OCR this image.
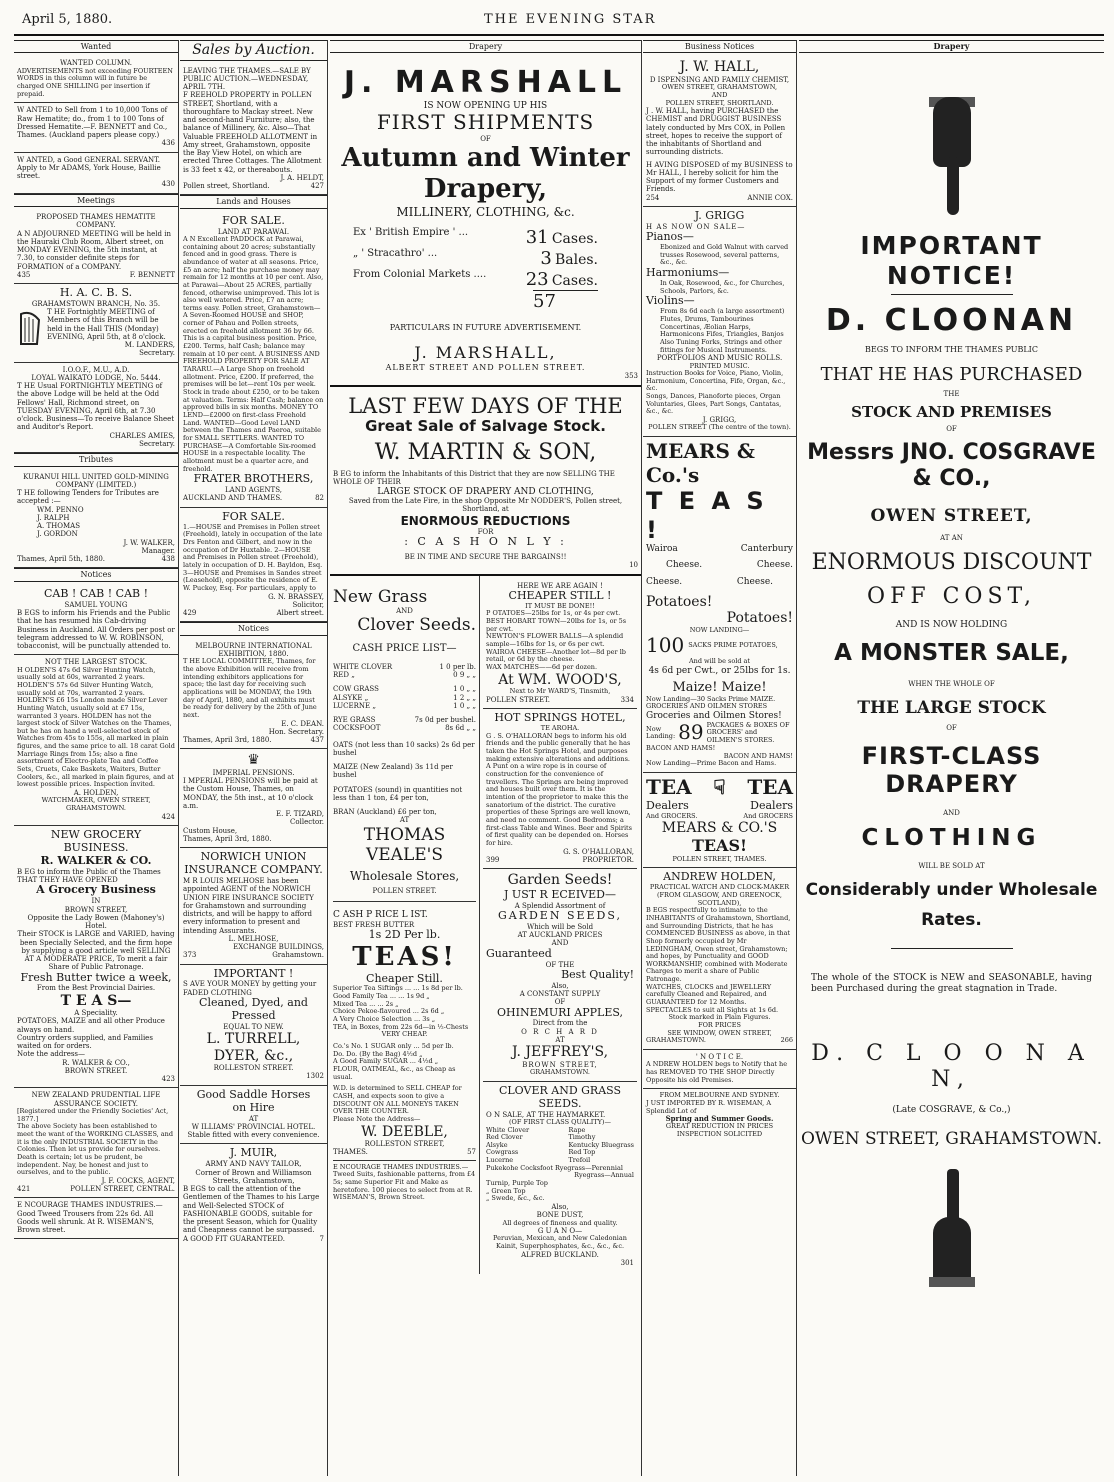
April 5, 1880.	THE EVENING STAR
Wanted

WANTED COLUMN.

ADVERTISEMENTS not exceeding FOURTEEN WORDS in this column will in future be charged ONE SHILLING per insertion if prepaid.

W ANTED to Sell from 1 to 10,000 Tons of Raw Hematite; do., from 1 to 100 Tons of Dressed Hematite.—F. BENNETT and Co., Thames. (Auckland papers please copy.)

436

W ANTED, a Good GENERAL SERVANT. Apply to Mr ADAMS, York House, Baillie street.

430

Meetings

PROPOSED THAMES HEMATITE COMPANY.

A N ADJOURNED MEETING will be held in the Hauraki Club Room, Albert street, on MONDAY EVENING, the 5th instant, at 7.30, to consider definite steps for FORMATION of a COMPANY.

435	F. BENNETT

H. A. C. B. S.

GRAHAMSTOWN BRANCH, No. 35.

T HE Fortnightly MEETING of Members of this Branch will be held in the Hall THIS (Monday) EVENING, April 5th, at 8 o'clock.

M. LANDERS,

Secretary.

I.O.O.F., M.U., A.D.

LOYAL WAIKATO LODGE, No. 5444.

T HE Usual FORTNIGHTLY MEETING of the above Lodge will be held at the Odd Fellows' Hall, Richmond street, on TUESDAY EVENING, April 6th, at 7.30 o'clock. Business—To receive Balance Sheet and Auditor's Report.

CHARLES AMIES,

Secretary.

Tributes

KURANUI HILL UNITED GOLD-MINING COMPANY (LIMITED.)

T HE following Tenders for Tributes are accepted :—

WM. PENNO

J. RALPH

A. THOMAS

J. GORDON

J. W. WALKER,

Manager.

Thames, April 5th, 1880.	438
Notices

CAB ! CAB ! CAB !

SAMUEL YOUNG

B EGS to inform his Friends and the Public that he has resumed his Cab-driving Business in Auckland. All Orders per post or telegram addressed to W. W. ROBINSON, tobacconist, will be punctually attended to.

NOT THE LARGEST STOCK.

H OLDEN'S 47s 6d Silver Hunting Watch, usually sold at 60s, warranted 2 years. HOLDEN'S 57s 6d Silver Hunting Watch, usually sold at 70s, warranted 2 years. HOLDEN'S £6 15s London made Silver Lever Hunting Watch, usually sold at £7 15s, warranted 3 years. HOLDEN has not the largest stock of Silver Watches on the Thames, but he has on hand a well-selected stock of Watches from 45s to 155s, all marked in plain figures, and the same price to all. 18 carat Gold Marriage Rings from 15s; also a fine assortment of Electro-plate Tea and Coffee Sets, Cruets, Cake Baskets, Waiters, Butter Coolers, &c., all marked in plain figures, and at lowest possible prices. Inspection invited.

A. HOLDEN,

WATCHMAKER, OWEN STREET, GRAHAMSTOWN.

424

NEW GROCERY BUSINESS.

R. WALKER & CO.

B EG to inform the Public of the Thames THAT THEY HAVE OPENED

A Grocery Business

IN

BROWN STREET,

Opposite the Lady Bowen (Mahoney's) Hotel.

Their STOCK is LARGE and VARIED, having been Specially Selected, and the firm hope by supplying a good article well SELLING AT A MODERATE PRICE, To merit a fair Share of Public Patronage.

Fresh Butter twice a week,

From the Best Provincial Dairies.

T E A S—

A Speciality.

POTATOES, MAIZE and all other Produce always on hand.

Country orders supplied, and Families waited on for orders.

Note the address—

R. WALKER & CO.,

BROWN STREET.

423

NEW ZEALAND PRUDENTIAL LIFE ASSURANCE SOCIETY.

[Registered under the Friendly Societies' Act, 1877.]

The above Society has been established to meet the want of the WORKING CLASSES, and it is the only INDUSTRIAL SOCIETY in the Colonies. Then let us provide for ourselves. Death is certain; let us be prudent, be independent. Nay, be honest and just to ourselves, and to the public.

J. F. COCKS, AGENT,

421	POLLEN STREET, CENTRAL.

E NCOURAGE THAMES INDUSTRIES.—Good Tweed Trousers from 22s 6d. All Goods well shrunk. At R. WISEMAN'S, Brown street.

Sales by Auction.

LEAVING THE THAMES.—SALE BY PUBLIC AUCTION.—WEDNESDAY, APRIL 7TH.

F REEHOLD PROPERTY in POLLEN STREET, Shortland, with a thoroughfare to Mackay street. New and second-hand Furniture; also, the balance of Millinery, &c. Also—That Valuable FREEHOLD ALLOTMENT in Amy street, Grahamstown, opposite the Bay View Hotel, on which are erected Three Cottages. The Allotment is 33 feet x 42, or thereabouts.

J. A. HELDT,

Pollen street, Shortland.	427
Lands and Houses

FOR SALE.

LAND AT PARAWAI.

A N Excellent PADDOCK at Parawai, containing about 20 acres; substantially fenced and in good grass. There is abundance of water at all seasons. Price, £5 an acre; half the purchase money may remain for 12 months at 10 per cent. Also, at Parawai—About 25 ACRES, partially fenced, otherwise unimproved. This lot is also well watered. Price, £7 an acre; terms easy. Pollen street, Grahamstown—A Seven-Roomed HOUSE and SHOP, corner of Pahau and Pollen streets, erected on freehold allotment 36 by 66. This is a capital business position. Price, £200. Terms, half Cash; balance may remain at 10 per cent. A BUSINESS AND FREEHOLD PROPERTY FOR SALE AT TARARU.—A Large Shop on freehold allotment. Price, £200. If preferred, the premises will be let—rent 10s per week. Stock in trade about £250, or to be taken at valuation. Terms: Half Cash; balance on approved bills in six months. MONEY TO LEND—£2000 on first-class Freehold Land. WANTED—Good Level LAND between the Thames and Paeroa, suitable for SMALL SETTLERS. WANTED TO PURCHASE—A Comfortable Six-roomed HOUSE in a respectable locality. The allotment must be a quarter acre, and freehold.

FRATER BROTHERS,

LAND AGENTS,

AUCKLAND AND THAMES.	82

FOR SALE.

1.—HOUSE and Premises in Pollen street (Freehold), lately in occupation of the late Drs Fenton and Gilbert, and now in the occupation of Dr Huxtable. 2—HOUSE and Premises in Pollen street (Freehold), lately in occupation of D. H. Bayldon, Esq. 3—HOUSE and Premises in Sandes street (Leasehold), opposite the residence of E. W. Puckey, Esq. For particulars, apply to

G. N. BRASSEY,

Solicitor,

429	Albert street.
Notices

MELBOURNE INTERNATIONAL EXHIBITION, 1880.

T HE LOCAL COMMITTEE, Thames, for the above Exhibition will receive from intending exhibitors applications for space; the last day for receiving such applications will be MONDAY, the 19th day of April, 1880, and all exhibits must be ready for delivery by the 25th of June next.

E. C. DEAN.

Hon. Secretary.

Thames, April 3rd, 1880.	437

♛

IMPERIAL PENSIONS.

I MPERIAL PENSIONS will be paid at the Custom House, Thames, on MONDAY, the 5th inst., at 10 o'clock a.m.

E. F. TIZARD,

Collector.

Custom House,

Thames, April 3rd, 1880.

NORWICH UNION INSURANCE COMPANY.

M R LOUIS MELHOSE has been appointed AGENT of the NORWICH UNION FIRE INSURANCE SOCIETY for Grahamstown and surrounding districts, and will be happy to afford every information to present and intending Assurants.

L. MELHOSE,

EXCHANGE BUILDINGS,

373	Grahamstown.

IMPORTANT !

S AVE YOUR MONEY by getting your FADED CLOTHING

Cleaned, Dyed, and Pressed

EQUAL TO NEW.

L. TURRELL,

DYER, &c.,

ROLLESTON STREET.

1302

Good Saddle Horses

on Hire

AT

W ILLIAMS' PROVINCIAL HOTEL.

Stable fitted with every convenience.

J. MUIR,

ARMY AND NAVY TAILOR,

Corner of Brown and Williamson Streets, Grahamstown,

B EGS to call the attention of the Gentlemen of the Thames to his Large and Well-Selected STOCK of FASHIONABLE GOODS, suitable for the present Season, which for Quality and Cheapness cannot be surpassed.

A GOOD FIT GUARANTEED.	7
Drapery

J. MARSHALL

IS NOW OPENING UP HIS

FIRST SHIPMENTS

OF

Autumn and Winter Drapery,

MILLINERY, CLOTHING, &c.

Ex ' British Empire ' ...	31 Cases.
„ ' Stracathro' ...	3 Bales.
From Colonial Markets .... 23 Cases.
57

PARTICULARS IN FUTURE ADVERTISEMENT.

J. MARSHALL,

ALBERT STREET AND POLLEN STREET.

353

LAST FEW DAYS OF THE

Great Sale of Salvage Stock.

W. MARTIN & SON,

B EG to inform the Inhabitants of this District that they are now SELLING THE WHOLE OF THEIR

LARGE STOCK OF DRAPERY AND CLOTHING,

Saved from the Late Fire, in the shop Opposite Mr NODDER'S, Pollen street, Shortland, at

ENORMOUS REDUCTIONS

FOR

: C A S H O N L Y :

BE IN TIME AND SECURE THE BARGAINS!!

10

New Grass

AND

Clover Seeds.

CASH PRICE LIST—

WHITE CLOVER	1 0 per lb.
RED „	0 9 „ „
COW GRASS	1 0 „ „
ALSYKE „	1 2 „ „
LUCERNE „	1 0 „ „
RYE GRASS	7s 0d per bushel.
COCKSFOOT	8s 6d „ „

OATS (not less than 10 sacks) 2s 6d per bushel

MAIZE (New Zealand) 3s 11d per bushel

POTATOES (sound) in quantities not less than 1 ton, £4 per ton,

BRAN (Auckland) £6 per ton,

AT

THOMAS VEALE'S

Wholesale Stores,

POLLEN STREET.

C ASH P RICE L IST.

BEST FRESH BUTTER

1s 2D Per lb.

TEAS!

Cheaper Still.

Superior Tea Siftings ... ... 1s 8d per lb.

Good Family Tea ... ... 1s 9d „

Mixed Tea ... ... 2s „

Choice Pekoe-flavoured ... 2s 6d „

A Very Choice Selection ... 3s „

TEA, in Boxes, from 22s 6d—in ½-Chests

VERY CHEAP.

Co.'s No. 1 SUGAR only ... 5d per lb.

Do. Do. (By the Bag) 4½d „

A Good Family SUGAR ... 4½d „

FLOUR, OATMEAL, &c., as Cheap as usual.

W.D. is determined to SELL CHEAP for CASH, and expects soon to give a DISCOUNT ON ALL MONEYS TAKEN OVER THE COUNTER.

Please Note the Address—

W. DEEBLE,

ROLLESTON STREET,

THAMES.	57

E NCOURAGE THAMES INDUSTRIES.—Tweed Suits, fashionable patterns, from £4 5s; same Superior Fit and Make as heretofore. 100 pieces to select from at R. WISEMAN'S, Brown Street.

HERE WE ARE AGAIN !

CHEAPER STILL !

IT MUST BE DONE!!

P OTATOES—25lbs for 1s, or 4s per cwt.

BEST HOBART TOWN—20lbs for 1s, or 5s per cwt.

NEWTON'S FLOWER BALLS—A splendid sample—16lbs for 1s, or 6s per cwt.

WAIROA CHEESE—Another lot—8d per lb retail, or 6d by the cheese.

WAX MATCHES——6d per dozen.

At WM. WOOD'S,

Next to Mr WARD'S, Tinsmith,

POLLEN STREET.	334

HOT SPRINGS HOTEL,

TE AROHA.

G . S. O'HALLORAN begs to inform his old friends and the public generally that he has taken the Hot Springs Hotel, and purposes making extensive alterations and additions. A Punt on a wire rope is in course of construction for the convenience of travellers. The Springs are being improved and houses built over them. It is the intention of the proprietor to make this the sanatorium of the district. The curative properties of these Springs are well known, and need no comment. Good Bedrooms; a first-class Table and Wines. Beer and Spirits of first quality can be depended on. Horses for hire.

G. S. O'HALLORAN,

399	PROPRIETOR.

Garden Seeds!

J UST R ECEIVED—

A Splendid Assortment of

GARDEN SEEDS,

Which will be Sold

AT AUCKLAND PRICES

AND

Guaranteed

OF THE

Best Quality!

Also,

A CONSTANT SUPPLY

OF

OHINEMURI APPLES,

Direct from the

O R C H A R D

AT

J. JEFFREY'S,

BROWN STREET,

GRAHAMSTOWN.

CLOVER AND GRASS SEEDS.

O N SALE, AT THE HAYMARKET.

(OF FIRST CLASS QUALITY)—

White Clover

Red Clover

Alsyke

Cowgrass

Lucerne

Rape

Timothy

Kentucky Bluegrass

Red Top

Trefoil

Pukekohe Cocksfoot Ryegrass—Perennial

Ryegrass—Annual

Turnip, Purple Top

„ Green Top

„ Swede, &c., &c.

Also,

BONE DUST,

All degrees of fineness and quality.

G U A N O—

Peruvian, Mexican, and New Caledonian Kainit, Superphosphates, &c., &c., &c.

ALFRED BUCKLAND.

301

Business Notices

J. W. HALL,

D ISPENSING AND FAMILY CHEMIST,

OWEN STREET, GRAHAMSTOWN,

AND

POLLEN STREET, SHORTLAND.

J . W. HALL, having PURCHASED the CHEMIST and DRUGGIST BUSINESS lately conducted by Mrs COX, in Pollen street, hopes to receive the support of the inhabitants of Shortland and surrounding districts.

H AVING DISPOSED of my BUSINESS to Mr HALL, I hereby solicit for him the Support of my former Customers and Friends.

254	ANNIE COX.

J. GRIGG

H AS NOW ON SALE—

Pianos—

Ebonized and Gold Walnut with carved trusses Rosewood, several patterns, &c., &c.

Harmoniums—

In Oak, Rosewood, &c., for Churches, Schools, Parlors, &c.

Violins—

From 8s 6d each (a large assortment) Flutes, Drums, Tambourines Concertinas, Æolian Harps, Harmonicons Fifes, Triangles, Banjos Also Tuning Forks, Strings and other fittings for Musical Instruments.

PORTFOLIOS AND MUSIC ROLLS.

PRINTED MUSIC.

Instruction Books for Voice, Piano, Violin, Harmonium, Concertina, Fife, Organ, &c., &c.

Songs, Dances, Pianoforte pieces, Organ Voluntaries, Glees, Part Songs, Cantatas, &c., &c.

J. GRIGG,

POLLEN STREET (The centre of the town).

MEARS & Co.'s

T E A S !

Wairoa	Canterbury
Cheese.	Cheese.
Cheese.	Cheese.

Potatoes!

Potatoes!

NOW LANDING—

100 SACKS PRIME POTATOES,

And will be sold at

4s 6d per Cwt., or 25lbs for 1s.

Maize! Maize!

Now Landing—30 Sacks Prime MAIZE.

GROCERIES AND OILMEN STORES

Groceries and Oilmen Stores!

Now Landing: 89 PACKAGES & BOXES OF GROCERS' and OILMEN'S STORES.

BACON AND HAMS!

BACON AND HAMS!

Now Landing—Prime Bacon and Hams.

TEA ☟ TEA
Dealers	Dealers
And GROCERS.	And GROCERS

MEARS & CO.'S

TEAS!

POLLEN STREET, THAMES.

ANDREW HOLDEN,

PRACTICAL WATCH AND CLOCK-MAKER

(FROM GLASGOW, AND GREENOCK, SCOTLAND),

B EGS respectfully to intimate to the INHABITANTS of Grahamstown, Shortland, and Surrounding Districts, that he has COMMENCED BUSINESS as above, in that Shop formerly occupied by Mr LEDINGHAM, Owen street, Grahamstown; and hopes, by Punctuality and GOOD WORKMANSHIP, combined with Moderate Charges to merit a share of Public Patronage.

WATCHES, CLOCKS and JEWELLERY carefully Cleaned and Repaired, and GUARANTEED for 12 Months. SPECTACLES to suit all Sights at 1s 6d.

Stock marked in Plain Figures.

FOR PRICES

SEE WINDOW, OWEN STREET,

GRAHAMSTOWN.	266

' N O T I C E.

A NDREW HOLDEN begs to Notify that he has REMOVED TO THE SHOP Directly Opposite his old Premises.

FROM MELBOURNE AND SYDNEY.

J UST IMPORTED BY R. WISEMAN, A Splendid Lot of

Spring and Summer Goods.

GREAT REDUCTION IN PRICES INSPECTION SOLICITED

Drapery

IMPORTANT NOTICE!

D. CLOONAN

BEGS TO INFORM THE THAMES PUBLIC

THAT HE HAS PURCHASED

THE

STOCK AND PREMISES

OF

Messrs JNO. COSGRAVE & CO.,

OWEN STREET,

AT AN

ENORMOUS DISCOUNT

OFF COST,

AND IS NOW HOLDING

A MONSTER SALE,

WHEN THE WHOLE OF

THE LARGE STOCK

OF

FIRST-CLASS DRAPERY

AND

CLOTHING

WILL BE SOLD AT

Considerably under Wholesale

Rates.

The whole of the STOCK is NEW and SEASONABLE, having been Purchased during the great stagnation in Trade.

D. C L O O N A N,

(Late COSGRAVE, & Co.,)

OWEN STREET, GRAHAMSTOWN.
